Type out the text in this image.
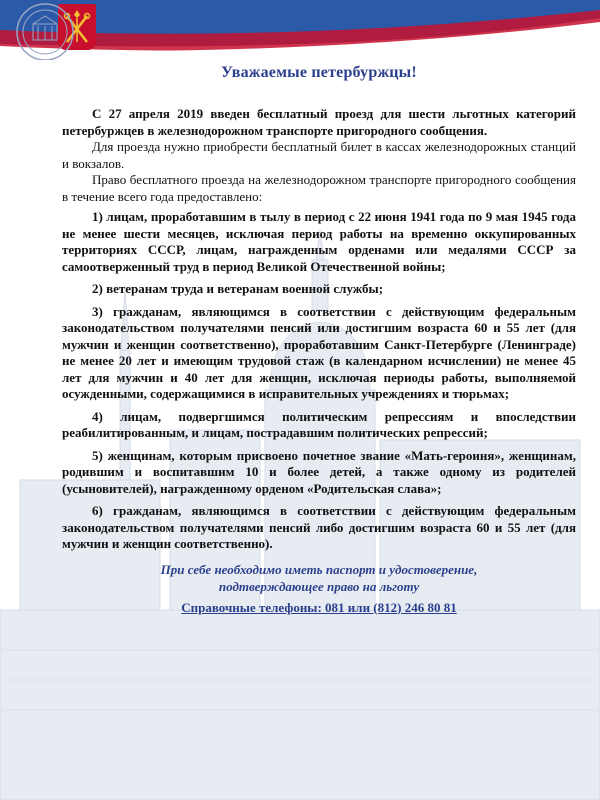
Уважаемые петербуржцы!

С 27 апреля 2019 введен бесплатный проезд для шести льготных категорий петербуржцев в железнодорожном транспорте пригородного сообщения.

Для проезда нужно приобрести бесплатный билет в кассах железнодорожных станций и вокзалов.

Право бесплатного проезда на железнодорожном транспорте пригородного сообщения в течение всего года предоставлено:

1) лицам, проработавшим в тылу в период с 22 июня 1941 года по 9 мая 1945 года не менее шести месяцев, исключая период работы на временно оккупированных территориях СССР, лицам, награжденным орденами или медалями СССР за самоотверженный труд в период Великой Отечественной войны;

2) ветеранам труда и ветеранам военной службы;

3) гражданам, являющимся в соответствии с действующим федеральным законодательством получателями пенсий или достигшим возраста 60 и 55 лет (для мужчин и женщин соответственно), проработавшим Санкт-Петербурге (Ленинграде) не менее 20 лет и имеющим трудовой стаж (в календарном исчислении) не менее 45 лет для мужчин и 40 лет для женщин, исключая периоды работы, выполняемой осужденными, содержащимися в исправительных учреждениях и тюрьмах;

4) лицам, подвергшимся политическим репрессиям и впоследствии реабилитированным, и лицам, пострадавшим политических репрессий;

5) женщинам, которым присвоено почетное звание «Мать-героиня», женщинам, родившим и воспитавшим 10 и более детей, а также одному из родителей (усыновителей), награжденному орденом «Родительская слава»;

6) гражданам, являющимся в соответствии с действующим федеральным законодательством получателями пенсий либо достигшим возраста 60 и 55 лет (для мужчин и женщин соответственно).

При себе необходимо иметь паспорт и удостоверение,
подтверждающее право на льготу
Справочные телефоны: 081 или (812) 246 80 81
